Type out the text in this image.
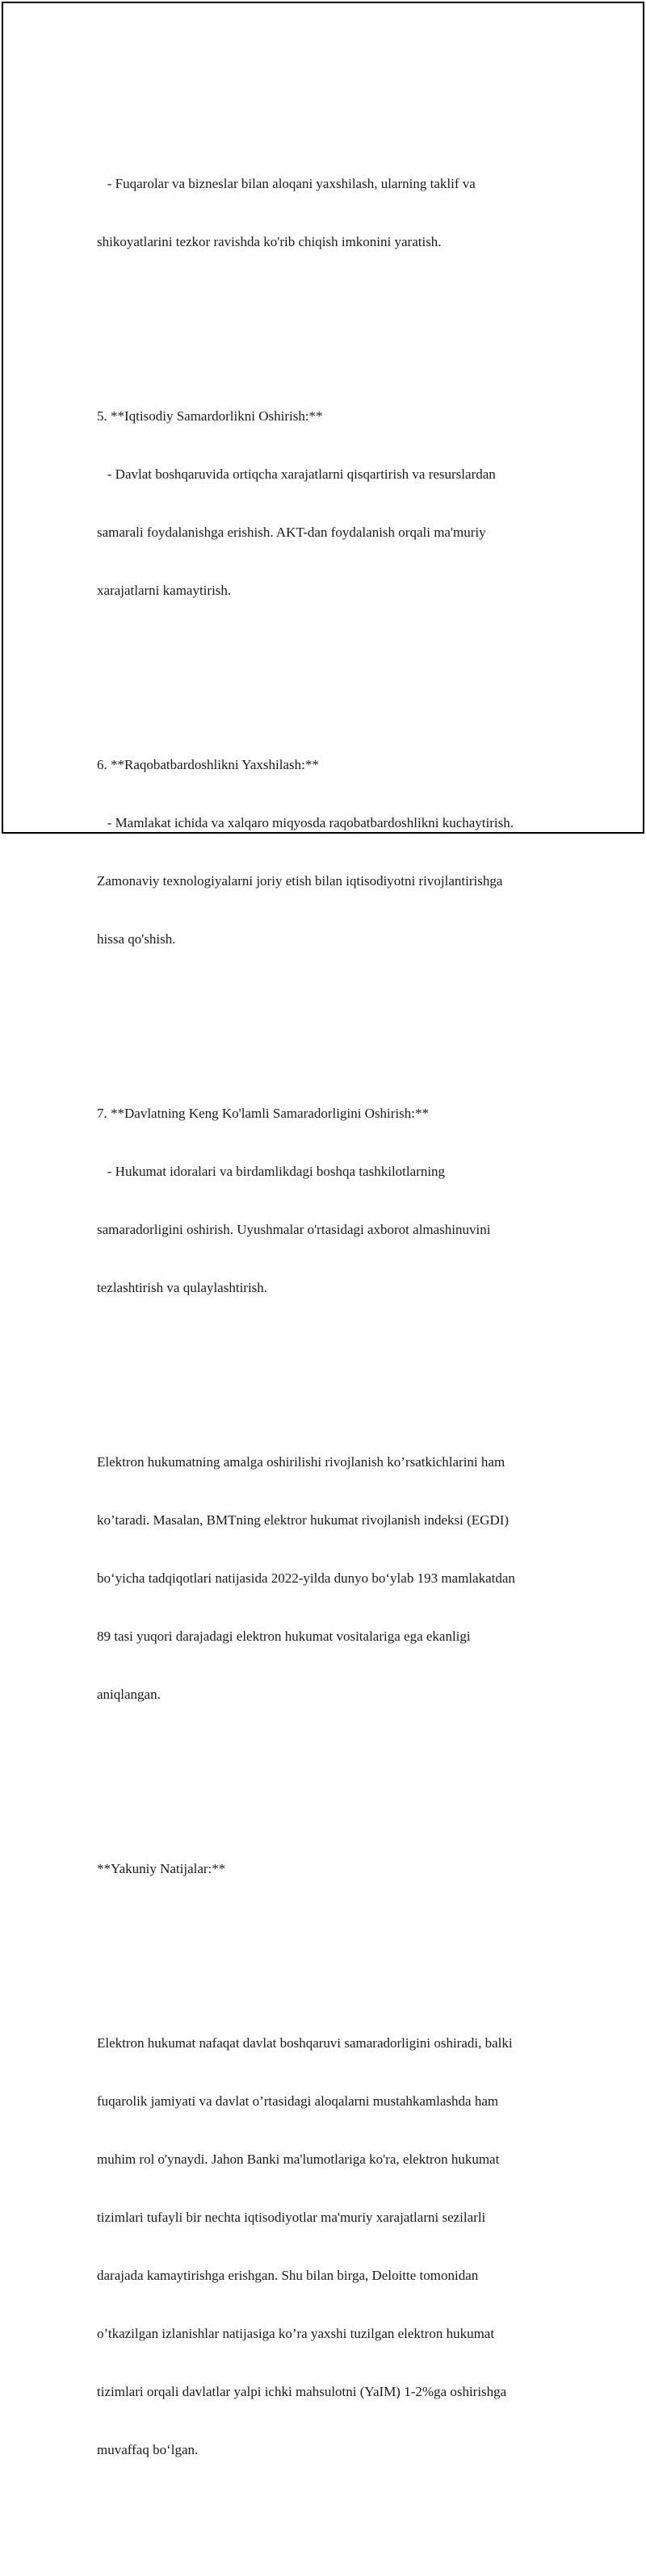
- Fuqarolar va bizneslar bilan aloqani yaxshilash, ularning taklif va

shikoyatlarini tezkor ravishda ko'rib chiqish imkonini yaratish.

5. **Iqtisodiy Samardorlikni Oshirish:**

- Davlat boshqaruvida ortiqcha xarajatlarni qisqartirish va resurslardan

samarali foydalanishga erishish. AKT-dan foydalanish orqali ma'muriy

xarajatlarni kamaytirish.

6. **Raqobatbardoshlikni Yaxshilash:**

- Mamlakat ichida va xalqaro miqyosda raqobatbardoshlikni kuchaytirish.

Zamonaviy texnologiyalarni joriy etish bilan iqtisodiyotni rivojlantirishga

hissa qo'shish.

7. **Davlatning Keng Ko'lamli Samaradorligini Oshirish:**

- Hukumat idoralari va birdamlikdagi boshqa tashkilotlarning

samaradorligini oshirish. Uyushmalar o'rtasidagi axborot almashinuvini

tezlashtirish va qulaylashtirish.

Elektron hukumatning amalga oshirilishi rivojlanish ko’rsatkichlarini ham

ko’taradi. Masalan, BMTning elektror hukumat rivojlanish indeksi (EGDI)

bo‘yicha tadqiqotlari natijasida 2022-yilda dunyo bo‘ylab 193 mamlakatdan

89 tasi yuqori darajadagi elektron hukumat vositalariga ega ekanligi

aniqlangan.

**Yakuniy Natijalar:**

Elektron hukumat nafaqat davlat boshqaruvi samaradorligini oshiradi, balki

fuqarolik jamiyati va davlat o’rtasidagi aloqalarni mustahkamlashda ham

muhim rol o'ynaydi. Jahon Banki ma'lumotlariga ko'ra, elektron hukumat

tizimlari tufayli bir nechta iqtisodiyotlar ma'muriy xarajatlarni sezilarli

darajada kamaytirishga erishgan. Shu bilan birga, Deloitte tomonidan

o’tkazilgan izlanishlar natijasiga ko’ra yaxshi tuzilgan elektron hukumat

tizimlari orqali davlatlar yalpi ichki mahsulotni (YaIM) 1-2%ga oshirishga

muvaffaq bo‘lgan.
